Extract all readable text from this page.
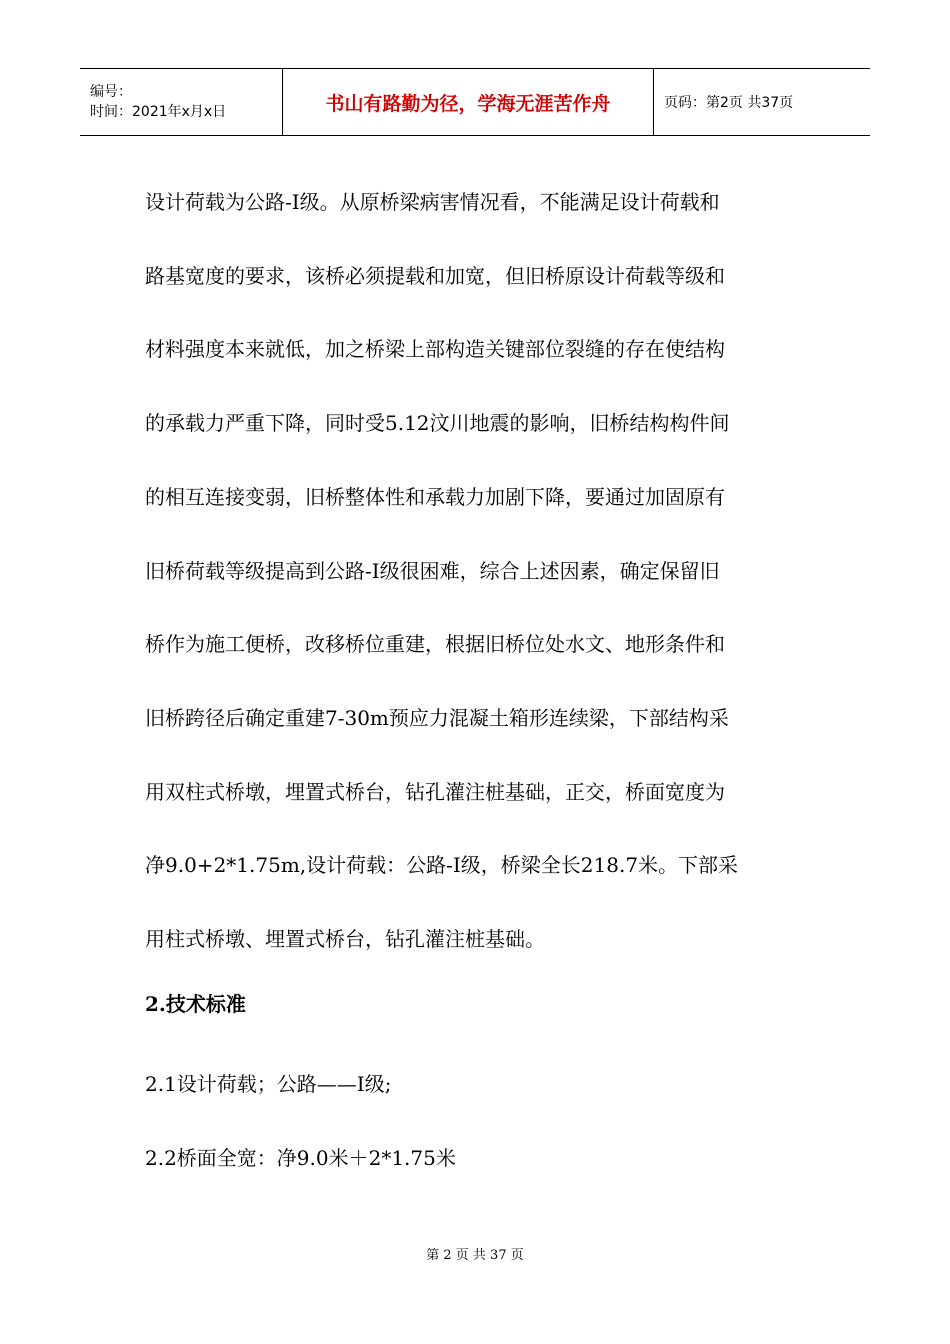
编号：
时间：2021年x月x日	书山有路勤为径，学海无涯苦作舟	页码：第2页 共37页

设计荷载为公路-I级。从原桥梁病害情况看，不能满足设计荷载和

路基宽度的要求，该桥必须提载和加宽，但旧桥原设计荷载等级和

材料强度本来就低，加之桥梁上部构造关键部位裂缝的存在使结构

的承载力严重下降，同时受5.12汶川地震的影响，旧桥结构构件间

的相互连接变弱，旧桥整体性和承载力加剧下降，要通过加固原有

旧桥荷载等级提高到公路-I级很困难，综合上述因素，确定保留旧

桥作为施工便桥，改移桥位重建，根据旧桥位处水文、地形条件和

旧桥跨径后确定重建7-30m预应力混凝土箱形连续梁，下部结构采

用双柱式桥墩，埋置式桥台，钻孔灌注桩基础，正交，桥面宽度为

净9.0+2*1.75m,设计荷载：公路-I级，桥梁全长218.7米。下部采

用柱式桥墩、埋置式桥台，钻孔灌注桩基础。

2.技术标准

2.1设计荷载；公路——I级;

2.2桥面全宽：净9.0米＋2*1.75米

第 2 页 共 37 页
